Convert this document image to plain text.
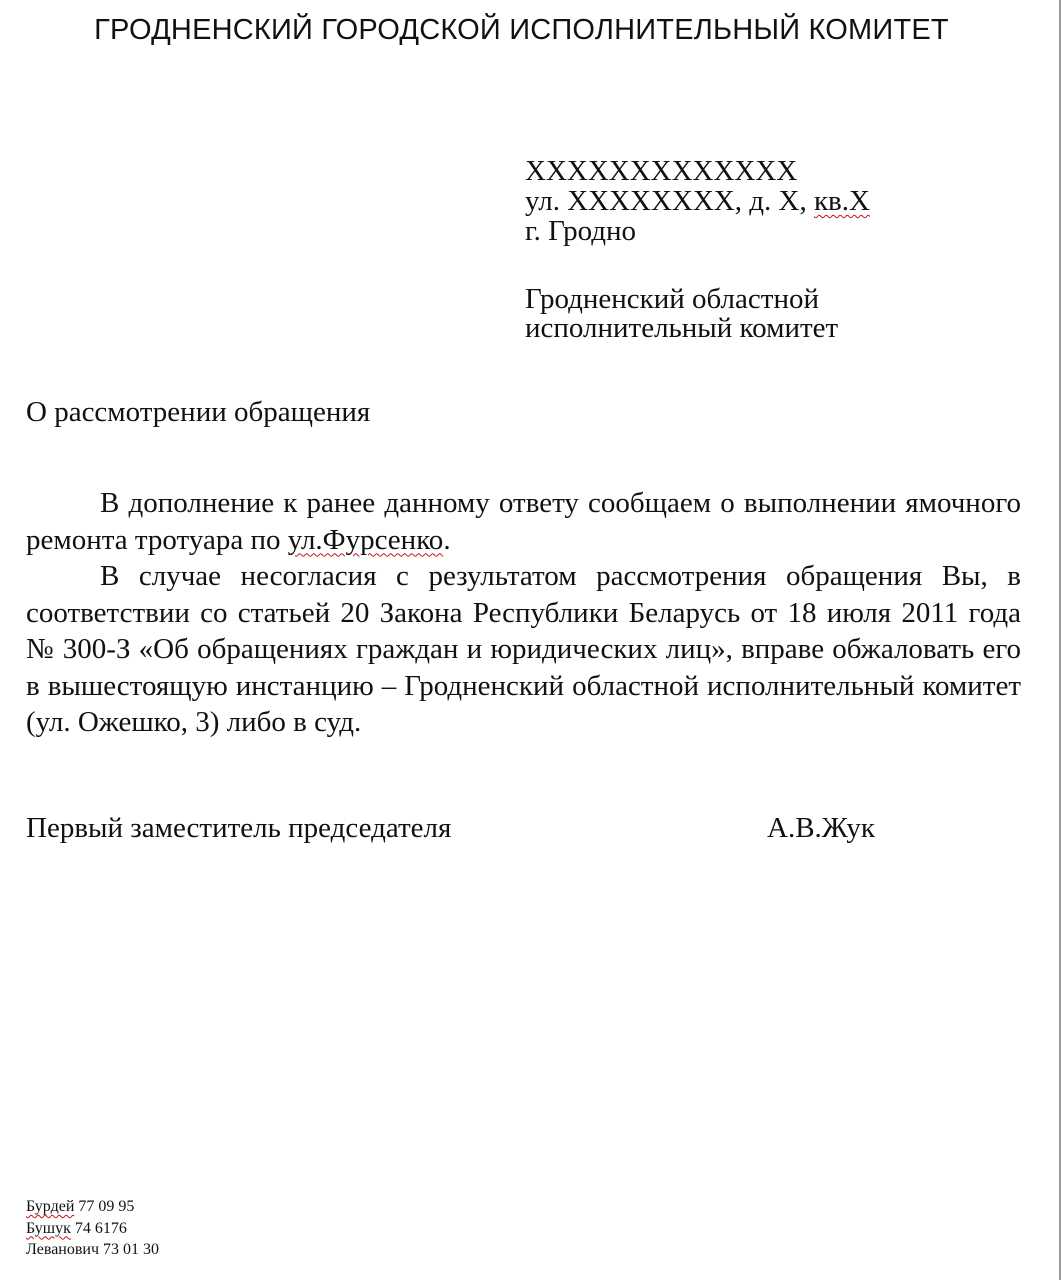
ГРОДНЕНСКИЙ ГОРОДСКОЙ ИСПОЛНИТЕЛЬНЫЙ КОМИТЕТ
ХХХХХХХХХХХХХ
ул. ХХХХХХХХ, д. Х, кв.Х
г. Гродно
Гродненский областной
исполнительный комитет
О рассмотрении обращения

В дополнение к ранее данному ответу сообщаем о выполнении ямочного ремонта тротуара по ул.Фурсенко.

В случае несогласия с результатом рассмотрения обращения Вы, в соответствии со статьей 20 Закона Республики Беларусь от 18 июля 2011 года № 300-З «Об обращениях граждан и юридических лиц», вправе обжаловать его в вышестоящую инстанцию – Гродненский областной исполнительный комитет (ул. Ожешко, 3) либо в суд.

Первый заместитель председателя	А.В.Жук
Бурдей 77 09 95
Бушук 74 6176
Леванович 73 01 30
